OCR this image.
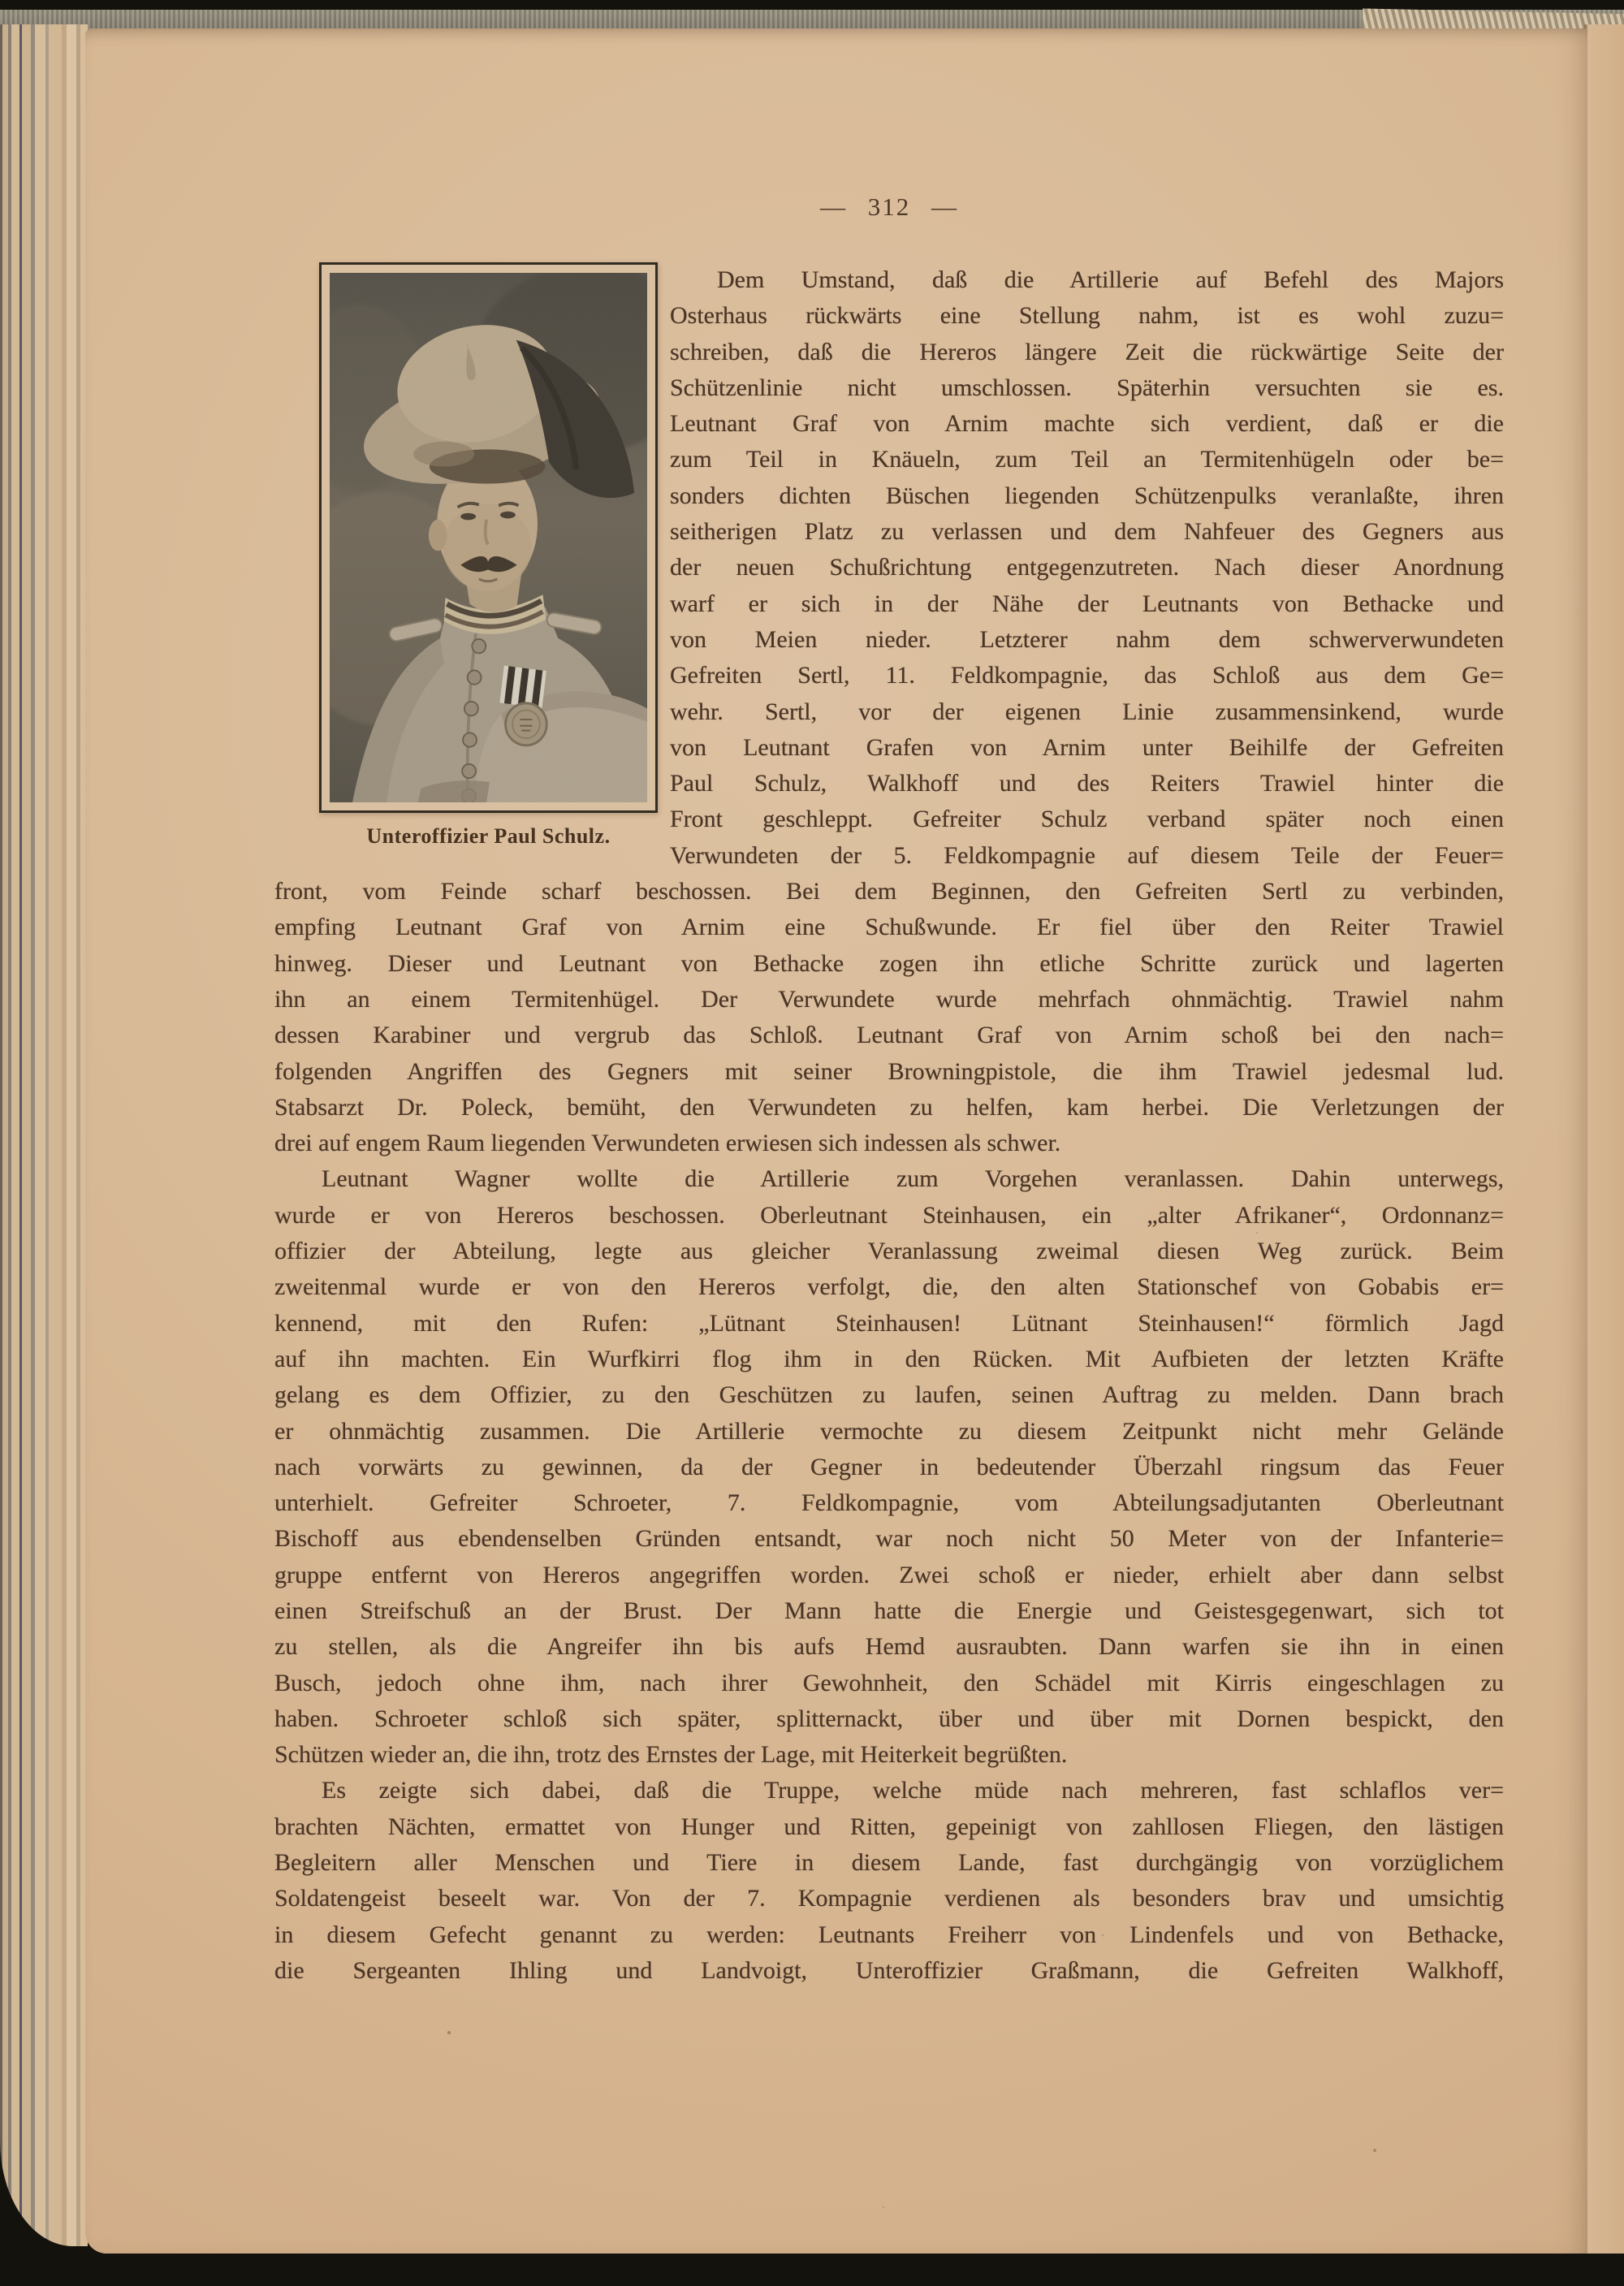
— 312 —
Unteroffizier Paul Schulz.
Dem Umstand, daß die Artillerie auf Befehl des Majors
Osterhaus rückwärts eine Stellung nahm, ist es wohl zuzu=
schreiben, daß die Hereros längere Zeit die rückwärtige Seite der
Schützenlinie nicht umschlossen. Späterhin versuchten sie es.
Leutnant Graf von Arnim machte sich verdient, daß er die
zum Teil in Knäueln, zum Teil an Termitenhügeln oder be=
sonders dichten Büschen liegenden Schützenpulks veranlaßte, ihren
seitherigen Platz zu verlassen und dem Nahfeuer des Gegners aus
der neuen Schußrichtung entgegenzutreten. Nach dieser Anordnung
warf er sich in der Nähe der Leutnants von Bethacke und
von Meien nieder. Letzterer nahm dem schwerverwundeten
Gefreiten Sertl, 11. Feldkompagnie, das Schloß aus dem Ge=
wehr. Sertl, vor der eigenen Linie zusammensinkend, wurde
von Leutnant Grafen von Arnim unter Beihilfe der Gefreiten
Paul Schulz, Walkhoff und des Reiters Trawiel hinter die
Front geschleppt. Gefreiter Schulz verband später noch einen
Verwundeten der 5. Feldkompagnie auf diesem Teile der Feuer=
front, vom Feinde scharf beschossen. Bei dem Beginnen, den Gefreiten Sertl zu verbinden,
empfing Leutnant Graf von Arnim eine Schußwunde. Er fiel über den Reiter Trawiel
hinweg. Dieser und Leutnant von Bethacke zogen ihn etliche Schritte zurück und lagerten
ihn an einem Termitenhügel. Der Verwundete wurde mehrfach ohnmächtig. Trawiel nahm
dessen Karabiner und vergrub das Schloß. Leutnant Graf von Arnim schoß bei den nach=
folgenden Angriffen des Gegners mit seiner Browningpistole, die ihm Trawiel jedesmal lud.
Stabsarzt Dr. Poleck, bemüht, den Verwundeten zu helfen, kam herbei. Die Verletzungen der
drei auf engem Raum liegenden Verwundeten erwiesen sich indessen als schwer.
Leutnant Wagner wollte die Artillerie zum Vorgehen veranlassen. Dahin unterwegs,
wurde er von Hereros beschossen. Oberleutnant Steinhausen, ein „alter Afrikaner“, Ordonnanz=
offizier der Abteilung, legte aus gleicher Veranlassung zweimal diesen Weg zurück. Beim
zweitenmal wurde er von den Hereros verfolgt, die, den alten Stationschef von Gobabis er=
kennend, mit den Rufen: „Lütnant Steinhausen! Lütnant Steinhausen!“ förmlich Jagd
auf ihn machten. Ein Wurfkirri flog ihm in den Rücken. Mit Aufbieten der letzten Kräfte
gelang es dem Offizier, zu den Geschützen zu laufen, seinen Auftrag zu melden. Dann brach
er ohnmächtig zusammen. Die Artillerie vermochte zu diesem Zeitpunkt nicht mehr Gelände
nach vorwärts zu gewinnen, da der Gegner in bedeutender Überzahl ringsum das Feuer
unterhielt. Gefreiter Schroeter, 7. Feldkompagnie, vom Abteilungsadjutanten Oberleutnant
Bischoff aus ebendenselben Gründen entsandt, war noch nicht 50 Meter von der Infanterie=
gruppe entfernt von Hereros angegriffen worden. Zwei schoß er nieder, erhielt aber dann selbst
einen Streifschuß an der Brust. Der Mann hatte die Energie und Geistesgegenwart, sich tot
zu stellen, als die Angreifer ihn bis aufs Hemd ausraubten. Dann warfen sie ihn in einen
Busch, jedoch ohne ihm, nach ihrer Gewohnheit, den Schädel mit Kirris eingeschlagen zu
haben. Schroeter schloß sich später, splitternackt, über und über mit Dornen bespickt, den
Schützen wieder an, die ihn, trotz des Ernstes der Lage, mit Heiterkeit begrüßten.
Es zeigte sich dabei, daß die Truppe, welche müde nach mehreren, fast schlaflos ver=
brachten Nächten, ermattet von Hunger und Ritten, gepeinigt von zahllosen Fliegen, den lästigen
Begleitern aller Menschen und Tiere in diesem Lande, fast durchgängig von vorzüglichem
Soldatengeist beseelt war. Von der 7. Kompagnie verdienen als besonders brav und umsichtig
in diesem Gefecht genannt zu werden: Leutnants Freiherr von Lindenfels und von Bethacke,
die Sergeanten Ihling und Landvoigt, Unteroffizier Graßmann, die Gefreiten Walkhoff,
